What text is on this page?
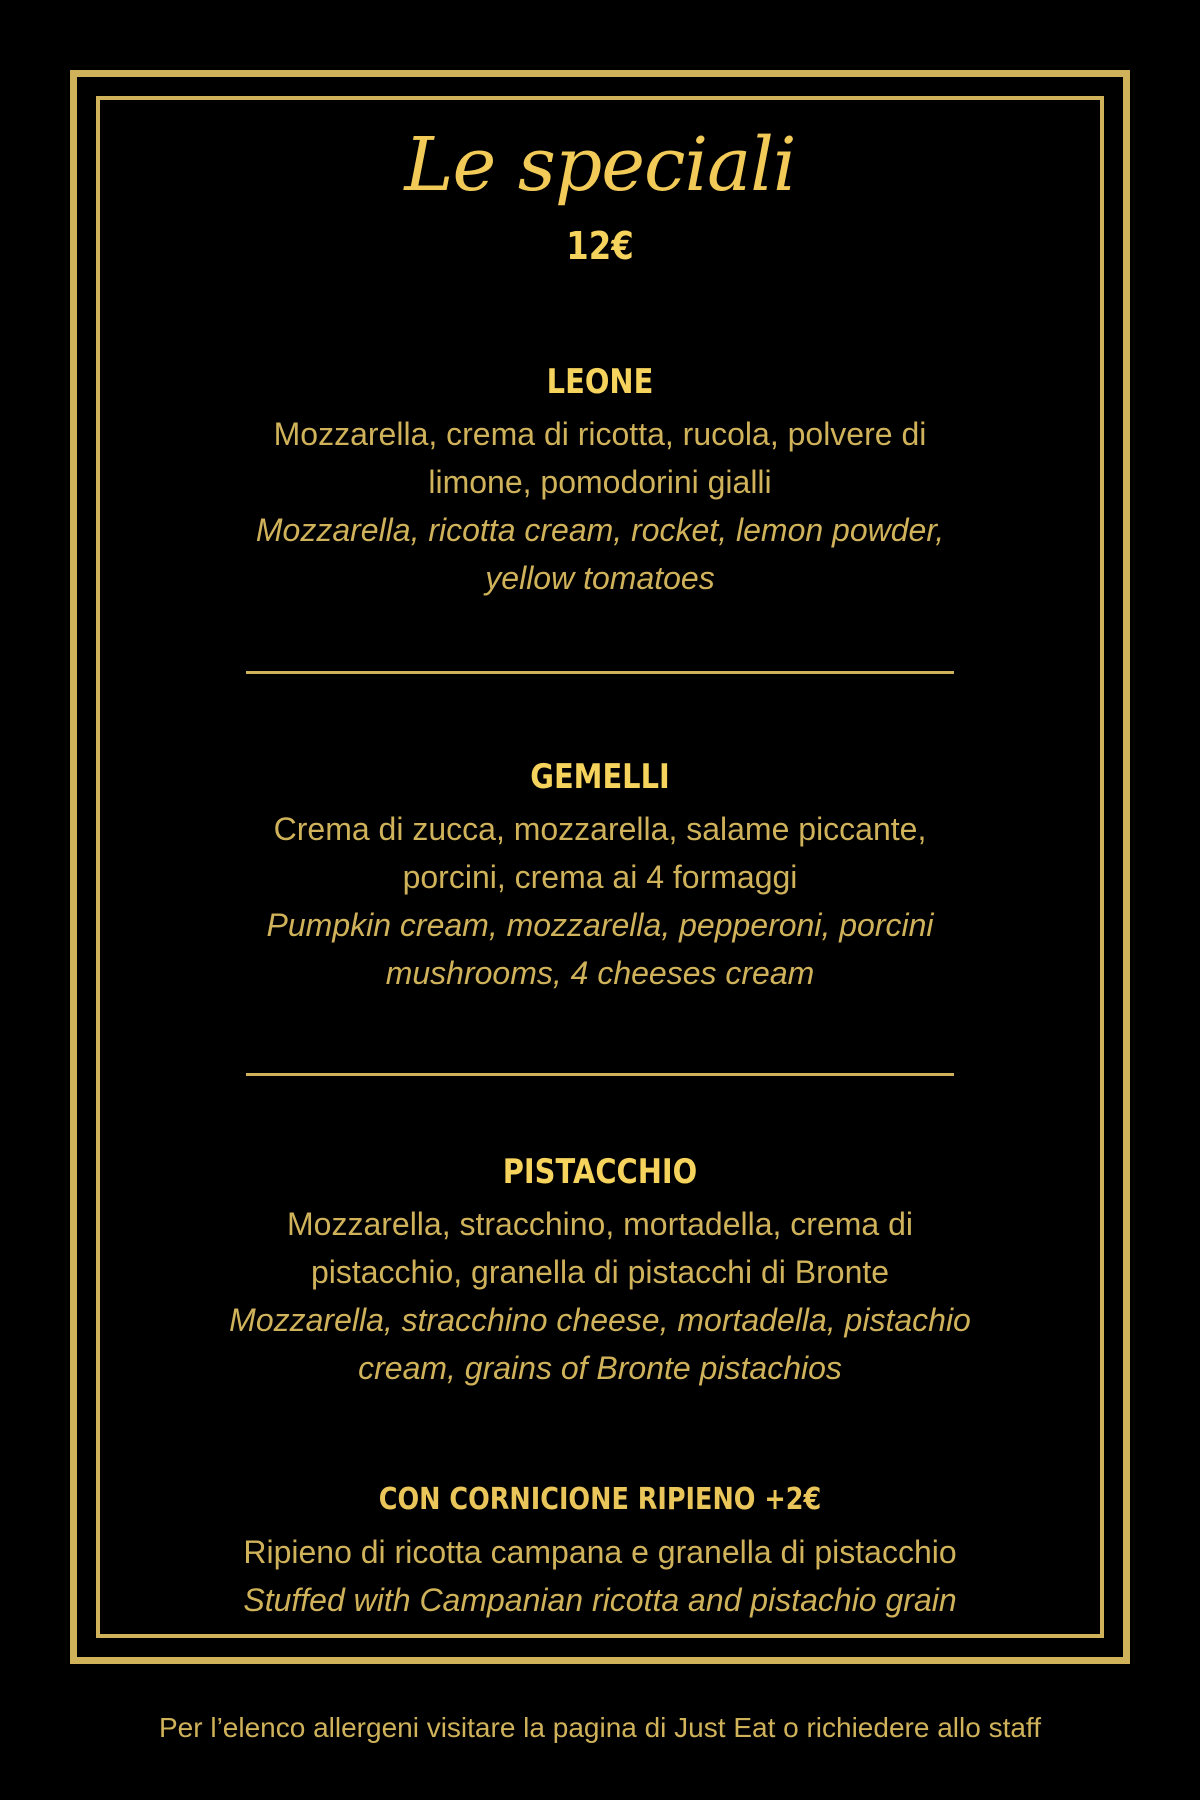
Le speciali
12€
LEONE
Mozzarella, crema di ricotta, rucola, polvere di limone, pomodorini gialli
Mozzarella, ricotta cream, rocket, lemon powder, yellow tomatoes
GEMELLI
Crema di zucca, mozzarella, salame piccante, porcini, crema ai 4 formaggi
Pumpkin cream, mozzarella, pepperoni, porcini mushrooms, 4 cheeses cream
PISTACCHIO
Mozzarella, stracchino, mortadella, crema di pistacchio, granella di pistacchi di Bronte
Mozzarella, stracchino cheese, mortadella, pistachio cream, grains of Bronte pistachios
CON CORNICIONE RIPIENO +2€
Ripieno di ricotta campana e granella di pistacchio
Stuffed with Campanian ricotta and pistachio grain
Per l’elenco allergeni visitare la pagina di Just Eat o richiedere allo staff
